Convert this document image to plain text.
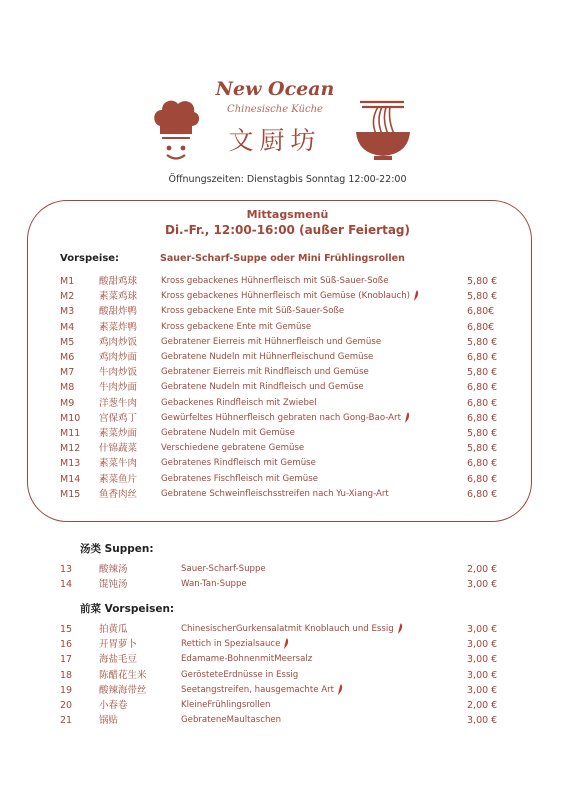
New Ocean
Chinesische Küche
文厨坊
Öffnungszeiten: Dienstagbis Sonntag 12:00-22:00
Mittagsmenü
Di.-Fr., 12:00-16:00 (außer Feiertag)
Vorspeise:	Sauer-Scharf-Suppe oder Mini Frühlingsrollen
M1	酸甜鸡球	Kross gebackenes Hühnerfleisch mit Süß-Sauer-Soße	5,80 €
M2	素菜鸡球	Kross gebackenes Hühnerfleisch mit Gemüse (Knoblauch)	5,80 €
M3	酸甜炸鸭	Kross gebackene Ente mit Süß-Sauer-Soße	6,80€
M4	素菜炸鸭	Kross gebackene Ente mit Gemüse	6,80€
M5	鸡肉炒饭	Gebratener Eierreis mit Hühnerfleisch und Gemüse	5,80 €
M6	鸡肉炒面	Gebratene Nudeln mit Hühnerfleischund Gemüse	6,80 €
M7	牛肉炒饭	Gebratener Eierreis mit Rindfleisch und Gemüse	5,80 €
M8	牛肉炒面	Gebratene Nudeln mit Rindfleisch und Gemüse	6,80 €
M9	洋葱牛肉	Gebackenes Rindfleisch mit Zwiebel	6,80 €
M10 宫保鸡丁	Gewürfeltes Hühnerfleisch gebraten nach Gong-Bao-Art	6,80 €
M11 素菜炒面	Gebratene Nudeln mit Gemüse	5,80 €
M12 什锦蔬菜	Verschiedene gebratene Gemüse	5,80 €
M13 素菜牛肉	Gebratenes Rindfleisch mit Gemüse	6,80 €
M14 素菜鱼片	Gebratenes Fischfleisch mit Gemüse	6,80 €
M15 鱼香肉丝	Gebratene Schweinfleischsstreifen nach Yu-Xiang-Art	6,80 €
汤类 Suppen:
13	酸辣汤	Sauer-Scharf-Suppe	2,00 €
14	馄饨汤	Wan-Tan-Suppe	3,00 €
前菜 Vorspeisen:
15	拍黄瓜	ChinesischerGurkensalatmit Knoblauch und Essig	3,00 €
16	开胃萝卜	Rettich in Spezialsauce	3,00 €
17	海盐毛豆	Edamame-BohnenmitMeersalz	3,00 €
18	陈醋花生米	GerösteteErdnüsse in Essig	3,00 €
19	酸辣海带丝	Seetangstreifen, hausgemachte Art	3,00 €
20	小春卷	KleineFrühlingsrollen	2,00 €
21	锅贴	GebrateneMaultaschen	3,00 €
